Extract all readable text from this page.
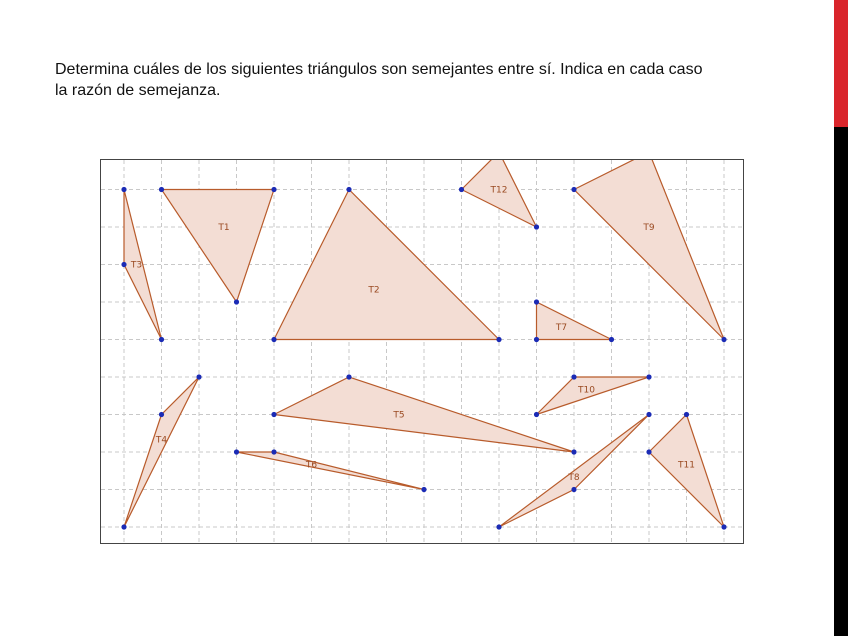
Determina cuáles de los siguientes triángulos son semejantes entre sí. Indica en cada caso
la razón de semejanza.
T1
T2
T3
T4
T5
T6
T7
T8
T9
T10
T11
T12
